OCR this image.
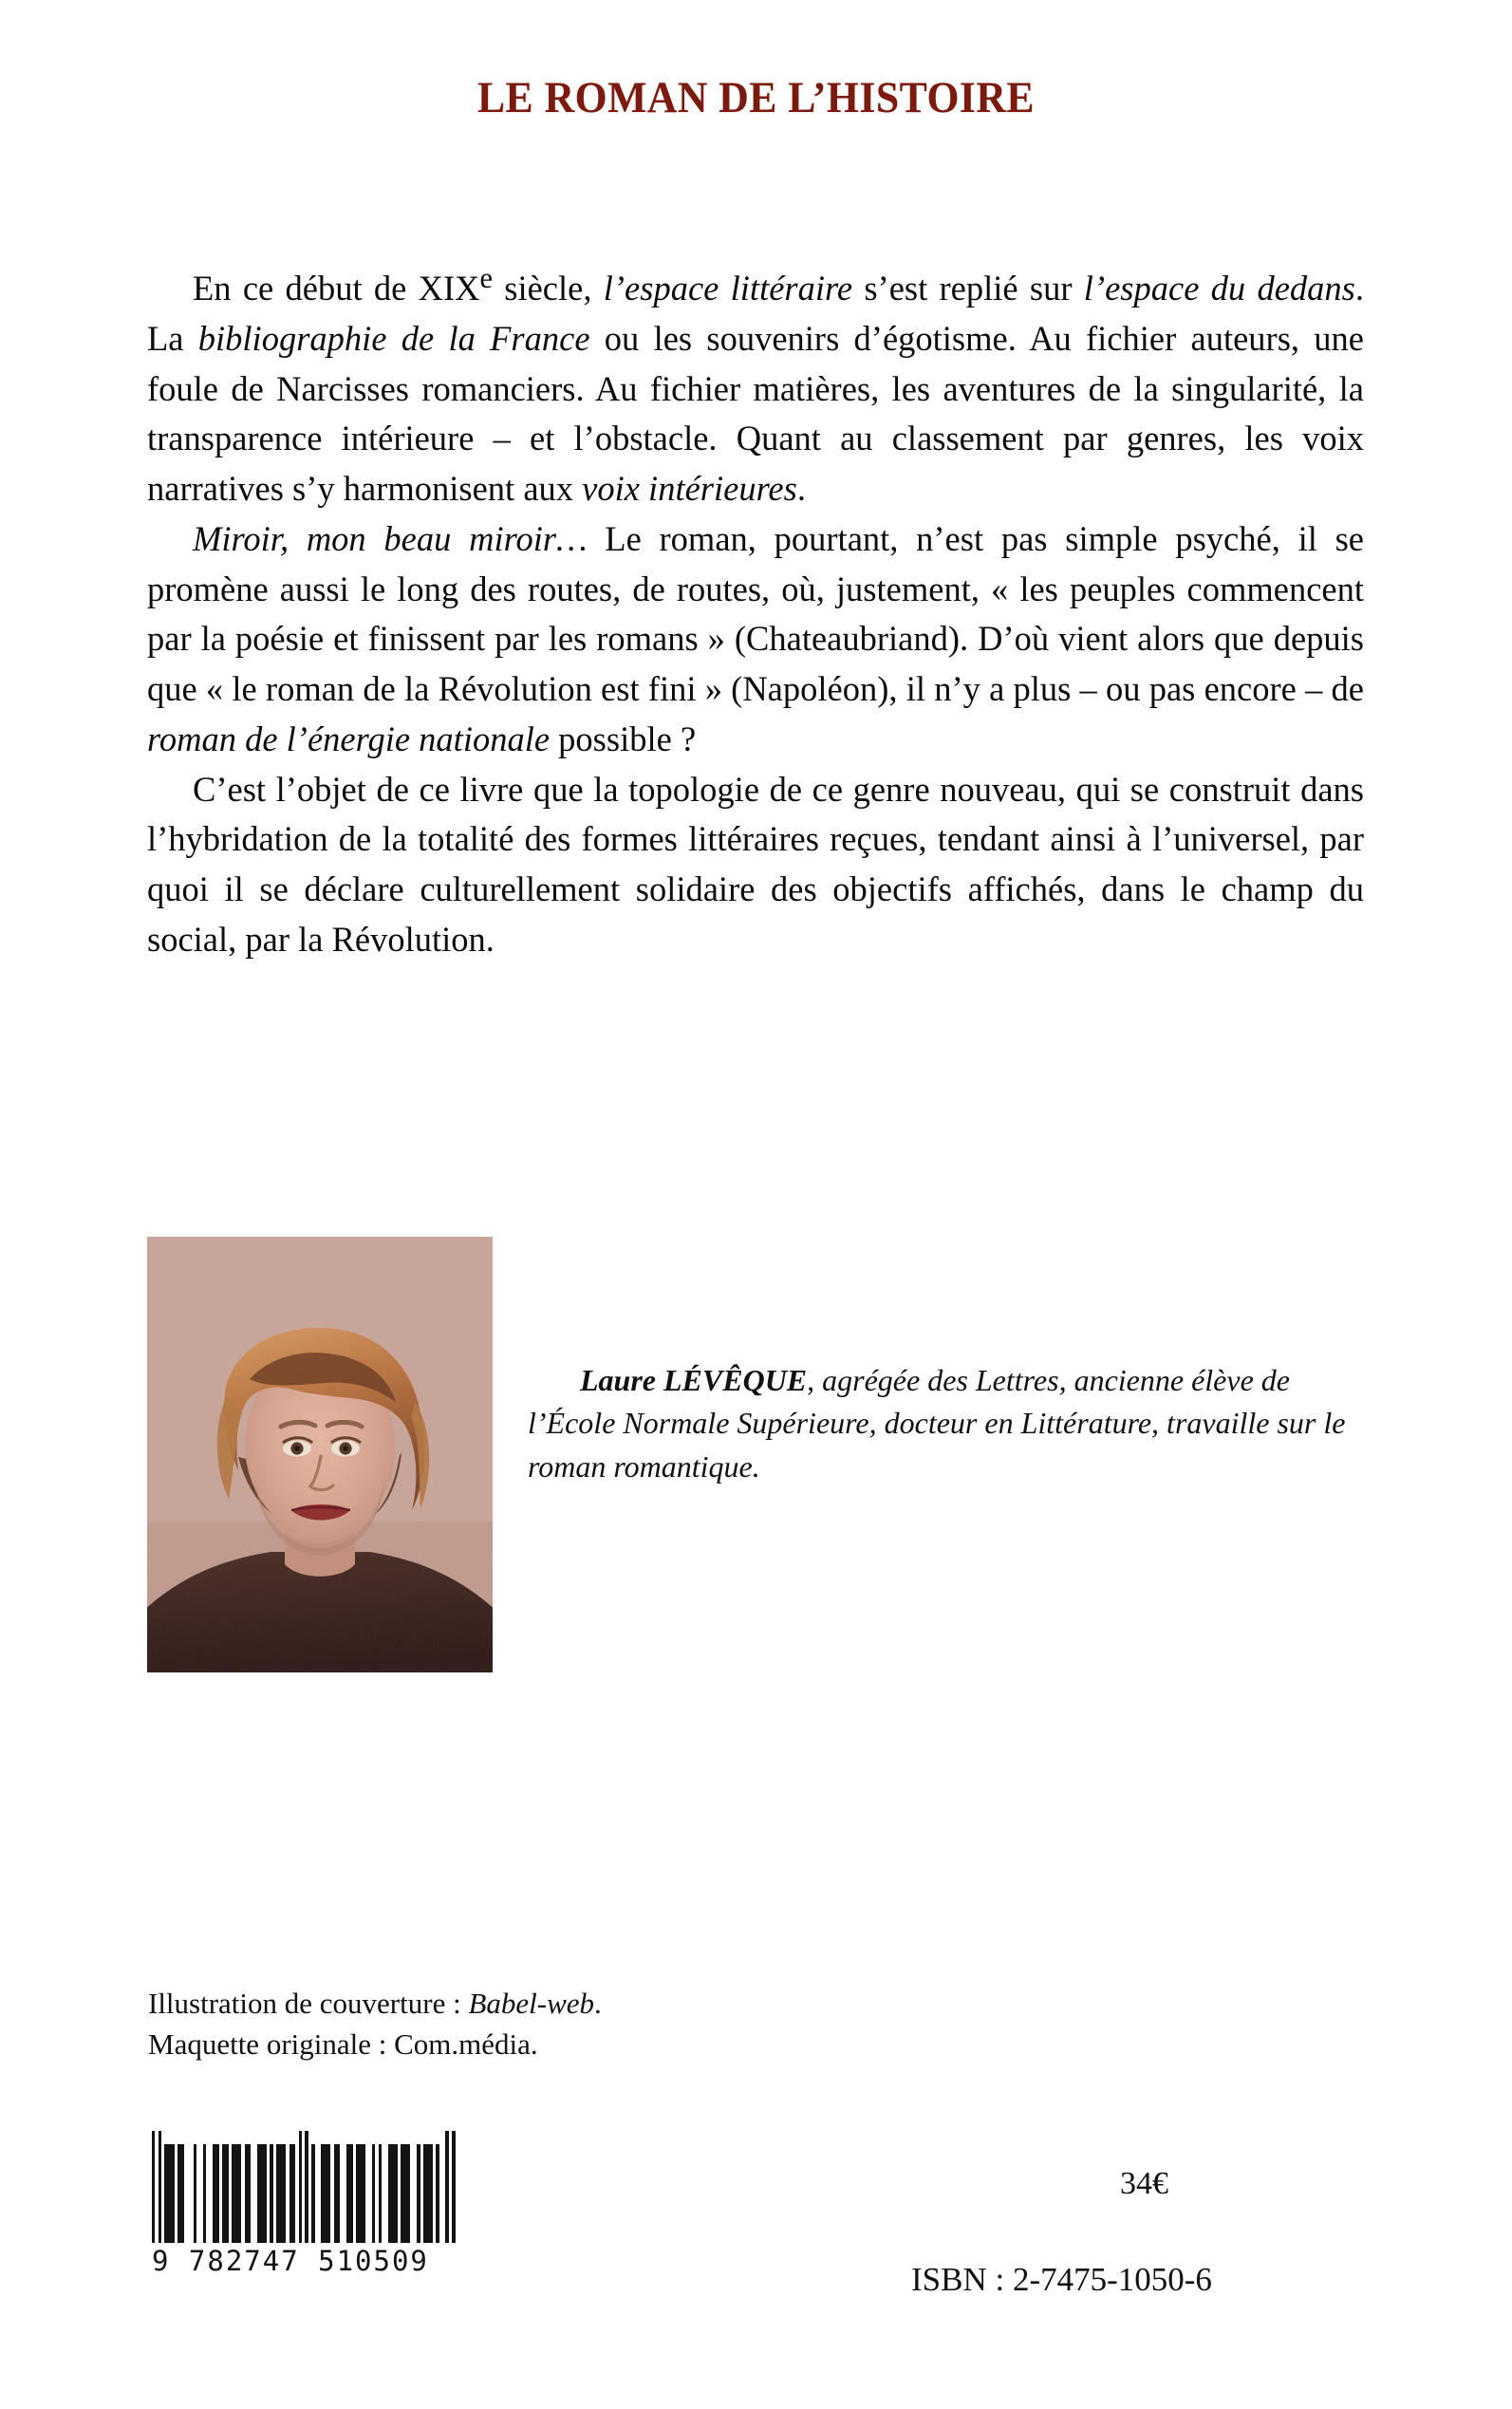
LE ROMAN DE L’HISTOIRE

En ce début de XIXe siècle, l’espace littéraire s’est replié sur l’espace du dedans. La bibliographie de la France ou les souvenirs d’égotisme. Au fichier auteurs, une foule de Narcisses romanciers. Au fichier matières, les aventures de la singularité, la transparence intérieure – et l’obstacle. Quant au classement par genres, les voix narratives s’y harmonisent aux voix intérieures.

Miroir, mon beau miroir… Le roman, pourtant, n’est pas simple psyché, il se promène aussi le long des routes, de routes, où, justement, « les peuples commencent par la poésie et finissent par les romans » (Chateaubriand). D’où vient alors que depuis que « le roman de la Révolution est fini » (Napoléon), il n’y a plus – ou pas encore – de roman de l’énergie nationale possible ?

C’est l’objet de ce livre que la topologie de ce genre nouveau, qui se construit dans l’hybridation de la totalité des formes littéraires reçues, tendant ainsi à l’universel, par quoi il se déclare culturellement solidaire des objectifs affichés, dans le champ du social, par la Révolution.

Laure LÉVÊQUE, agrégée des Lettres, ancienne élève de l’École Normale Supérieure, docteur en Littérature, travaille sur le roman romantique.

Illustration de couverture : Babel-web.
Maquette originale : Com.média.
9 782747 510509
34€
ISBN : 2-7475-1050-6
